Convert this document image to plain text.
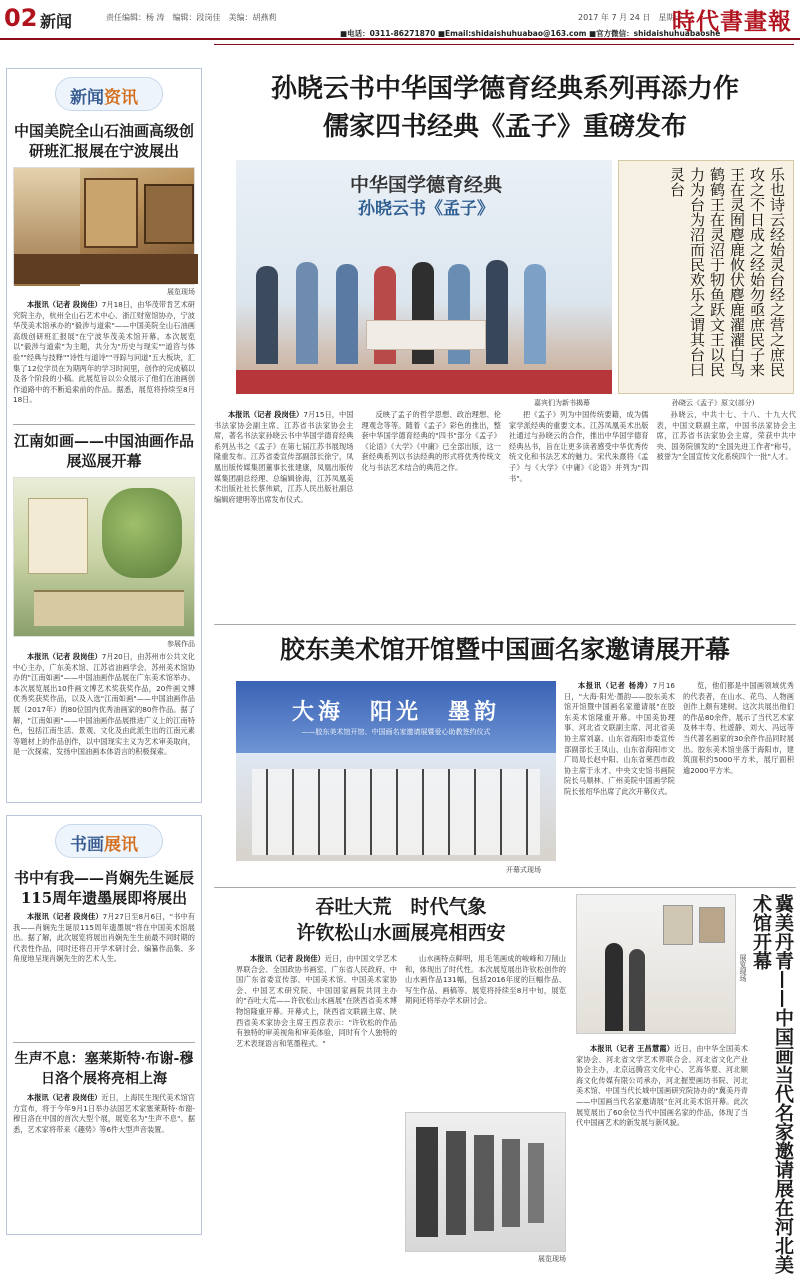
02 新闻	责任编辑：杨 涛　编辑：段岗佳　美编：胡燕莉	2017 年 7 月 24 日　星期一
時代書畫報
■电话：0311-86271870 ■Email:shidaishuhuabao@163.com ■官方微信：shidaishuhuabaoshe
新闻资讯
中国美院全山石油画高级创研班汇报展在宁波展出
展览现场
本报讯（记者 段岗佳）7月18日，由华茂带肯艺术研究院主办，杭州全山石艺术中心、浙江财宽馆协办，宁波华茂美术馆承办的"毅涉与道索"——中国美院全山石油画高级创研班汇报展"在宁波华茂美术馆开幕。本次展览以"毅涉与道索"为主题，共分为"历史与现实""道咨与体验""经典与技释""诗性与道诗""寻踪与问道"五大板块，汇集了12位学员在为期两年的学习时间里，创作的完成稿以及各个阶段的小稿。此展览旨以公众展示了他们在油画创作道路中的不断追索前的作品。据悉，展览将持续至8月18日。
江南如画——中国油画作品展巡展开幕
参展作品
本报讯（记者 段岗佳）7月20日，由苏州市公共文化中心主办，广东美术馆、江苏省油画学会、苏州美术馆协办的"江南如画"——中国油画作品展在广东美术馆举办。本次展览展出10件画文博艺术奖获奖作品，20件画文博优秀奖获奖作品，以及入选"江南如画"——中国油画作品展（2017年）的80位国内优秀油画家的80件作品。据了解，"江南如画"——中国油画作品展推进广义上的江南特色，包括江南生活、景观、文化及由此派生出的江南元素等题材上的作品创作，以中国现实主义为艺术审美取向，是一次探索、发扬中国油画本体语言的积极探索。
书画展讯
书中有我——肖娴先生诞辰115周年遗墨展即将展出
本报讯（记者 段岗佳）7月27日至8月6日，"书中有我——肖娴先生诞辰115周年遗墨展"将在中国美术馆展出。据了解，此次展览将展出肖娴先生生前最不同时期的代表性作品，同时还将召开学术研讨会、编纂作品集、多角度地呈现肖娴先生的艺术人生。
生声不息：塞莱斯特·布谢-穆日洛个展将亮相上海
本报讯（记者 段岗佳）近日，上海民生现代美术馆官方宣布，将于今年9月1日举办法国艺术家塞莱斯特·布谢-穆日洛在中国的首次大型个展，展览名为"生声不息"。据悉，艺术家将带来《趣势》等6件大型声音装置。
孙晓云书中华国学德育经典系列再添力作
儒家四书经典《孟子》重磅发布
中华国学德育经典
孙晓云书《孟子》
嘉宾们为新书揭幕
乐也诗云经始灵台经之营之庶民攻之不日成之经始勿亟庶民子来王在灵囿麀鹿攸伏麀鹿濯濯白鸟鹤鹤王在灵沼于牣鱼跃文王以民力为台为沼而民欢乐之谓其台曰灵台
孙晓云《孟子》原文(部分)
本报讯（记者 段岗佳）7月15日，中国书法家协会副主席、江苏省书法家协会主席，著名书法家孙晓云书中华国学德育经典系列丛书之《孟子》在第七届江苏书展现场隆重发布。江苏省委宣传部副部长徐宁，凤凰出版传媒集团董事长张建康，凤凰出版传媒集团副总经理、总编辑徐海，江苏凤凰美术出版社社长蔡伟斌，江苏人民出版社副总编辑府建明等出席发布仪式。
反映了孟子的哲学思想、政治理想、伦理观念等等。随着《孟子》彩色的推出，整套中华国学德育经典的"四书"部分《孟子》《论语》《大学》《中庸》已全部出版，这一套经典系列以书法经典的形式将优秀传统文化与书法艺术结合的典范之作。
把《孟子》列为中国传统要籍，成为儒家学派经典的重要文本。江苏凤凰美术出版社通过与孙晓云的合作，推出中华国学德育经典丛书，旨在让更多读者感受中华优秀传统文化和书法艺术的魅力。宋代朱熹将《孟子》与《大学》《中庸》《论语》并列为"四书"。
孙晓云，中共十七、十八、十九大代表，中国文联副主席，中国书法家协会主席，江苏省书法家协会主席，荣获中共中央、国务院颁发的"全国先进工作者"称号，被誉为"全国宣传文化系统四个一批"人才。
胶东美术馆开馆暨中国画名家邀请展开幕
大海　阳光　墨韵
——胶东美术馆开馆、中国画名家邀请展暨爱心助教签约仪式
开幕式现场
本报讯（记者 杨涛）7月16日，"大海·阳光·墨韵——胶东美术馆开馆暨中国画名家邀请展"在胶东美术馆隆重开幕。中国美协理事、河北省文联副主席、河北省美协主席刘嘉、山东省海阳市委宣传部副部长王凤山、山东省海阳市文广局局长赵中阳、山东省莱西市政协主席于永才、中央文史馆书画院院长马顺林、广州美院中国画学院院长张绍华出席了此次开幕仪式。
览，他们都是中国画领域优秀的代表者，在山水、花鸟、人物画创作上颇有建树。这次共展出他们的作品80余件，展示了当代艺术家及林丰寿、杜遊静、刘大、冯远等当代著名画家的30余件作品同时展出。胶东美术馆坐落于海阳市，建筑面积约5000平方米，展厅面积逾2000平方米。
吞吐大荒　时代气象
许钦松山水画展亮相西安
本报讯（记者 段岗佳）近日，由中国文学艺术界联合会、全国政协书画室、广东省人民政府、中国广东省委宣传部、中国美术馆、中国美术家协会、中国艺术研究院、中国国家画院共同主办的"吞吐大荒——许钦松山水画展"在陕西省美术博物馆隆重开幕。开幕式上，陕西省文联副主席、陕西省美术家协会主席王西京表示："许钦松的作品有独特的审美视角和审美体验，同时有个人独特的艺术表现语言和笔墨程式。"
山水画特点鲜明，用毛笔画成的峻峰和刀削山和，体现出了时代性。本次展览展出许钦松创作的山水画作品131幅，包括2016年度的巨幅作品、写生作品、画稿等。展览将持续至8月中旬，展览期间还将举办学术研讨会。
展览现场
展览现场	冀美丹青——中国画当代名家邀请展在河北美术馆开幕
本报讯（记者 王昌慧霞）近日，由中华全国美术家协会、河北省文学艺术界联合会、河北省文化产业协会主办，北京远腾宫文化中心、艺海华夏、河北顺海文化传媒有限公司承办，河北握塑画坊书院、河北美术馆、中国当代长城中国画研究院协办的"冀美丹青——中国画当代名家邀请展"在河北美术馆开幕。此次展览展出了60余位当代中国画名家的作品，体现了当代中国画艺术的新发展与新风貌。
